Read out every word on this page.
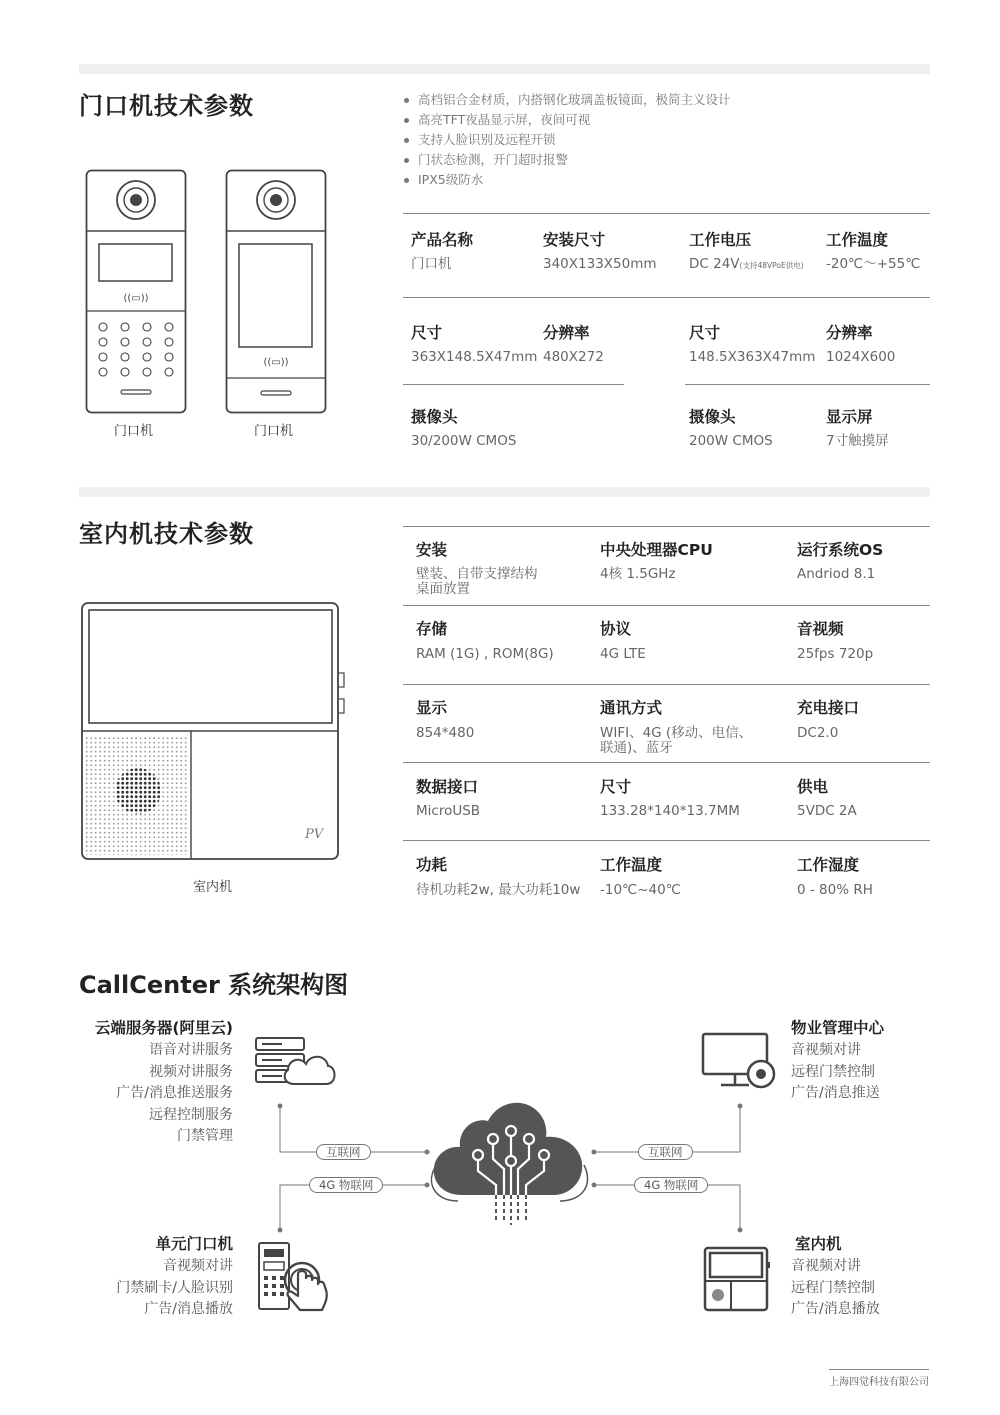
门口机技术参数	高档铝合金材质，内搭钢化玻璃盖板镜面，极简主义设计
高亮TFT夜晶显示屏，夜间可视
支持人脸识别及远程开锁
门状态检测，开门超时报警
IPX5级防水
((▭))
门口机
((▭))
门口机
产品名称
门口机
安装尺寸
340X133X50mm
工作电压
DC 24V(支持48VPoE供电)
工作温度
-20℃～+55℃
尺寸
363X148.5X47mm
分辨率
480X272
尺寸
148.5X363X47mm
分辨率
1024X600
摄像头
30/200W CMOS
摄像头
200W CMOS
显示屏
7寸触摸屏
室内机技术参数
PV
室内机
安装
壁装、自带支撑结构
桌面放置
中央处理器CPU
4核 1.5GHz
运行系统OS
Andriod 8.1
存储
RAM (1G) , ROM(8G)
协议
4G LTE
音视频
25fps 720p
显示
854*480
通讯方式
WIFI、4G (移动、电信、
联通)、蓝牙
充电接口
DC2.0
数据接口
MicroUSB
尺寸
133.28*140*13.7MM
供电
5VDC 2A
功耗
待机功耗2w, 最大功耗10w
工作温度
-10℃~40℃
工作湿度
0 - 80% RH
CallCenter 系统架构图
互联网
4G 物联网
互联网
4G 物联网
云端服务器(阿里云)
语音对讲服务
视频对讲服务
广告/消息推送服务
远程控制服务
门禁管理
物业管理中心
音视频对讲
远程门禁控制
广告/消息推送
单元门口机
音视频对讲
门禁刷卡/人脸识别
广告/消息播放
室内机
音视频对讲
远程门禁控制
广告/消息播放
上海四觉科技有限公司
